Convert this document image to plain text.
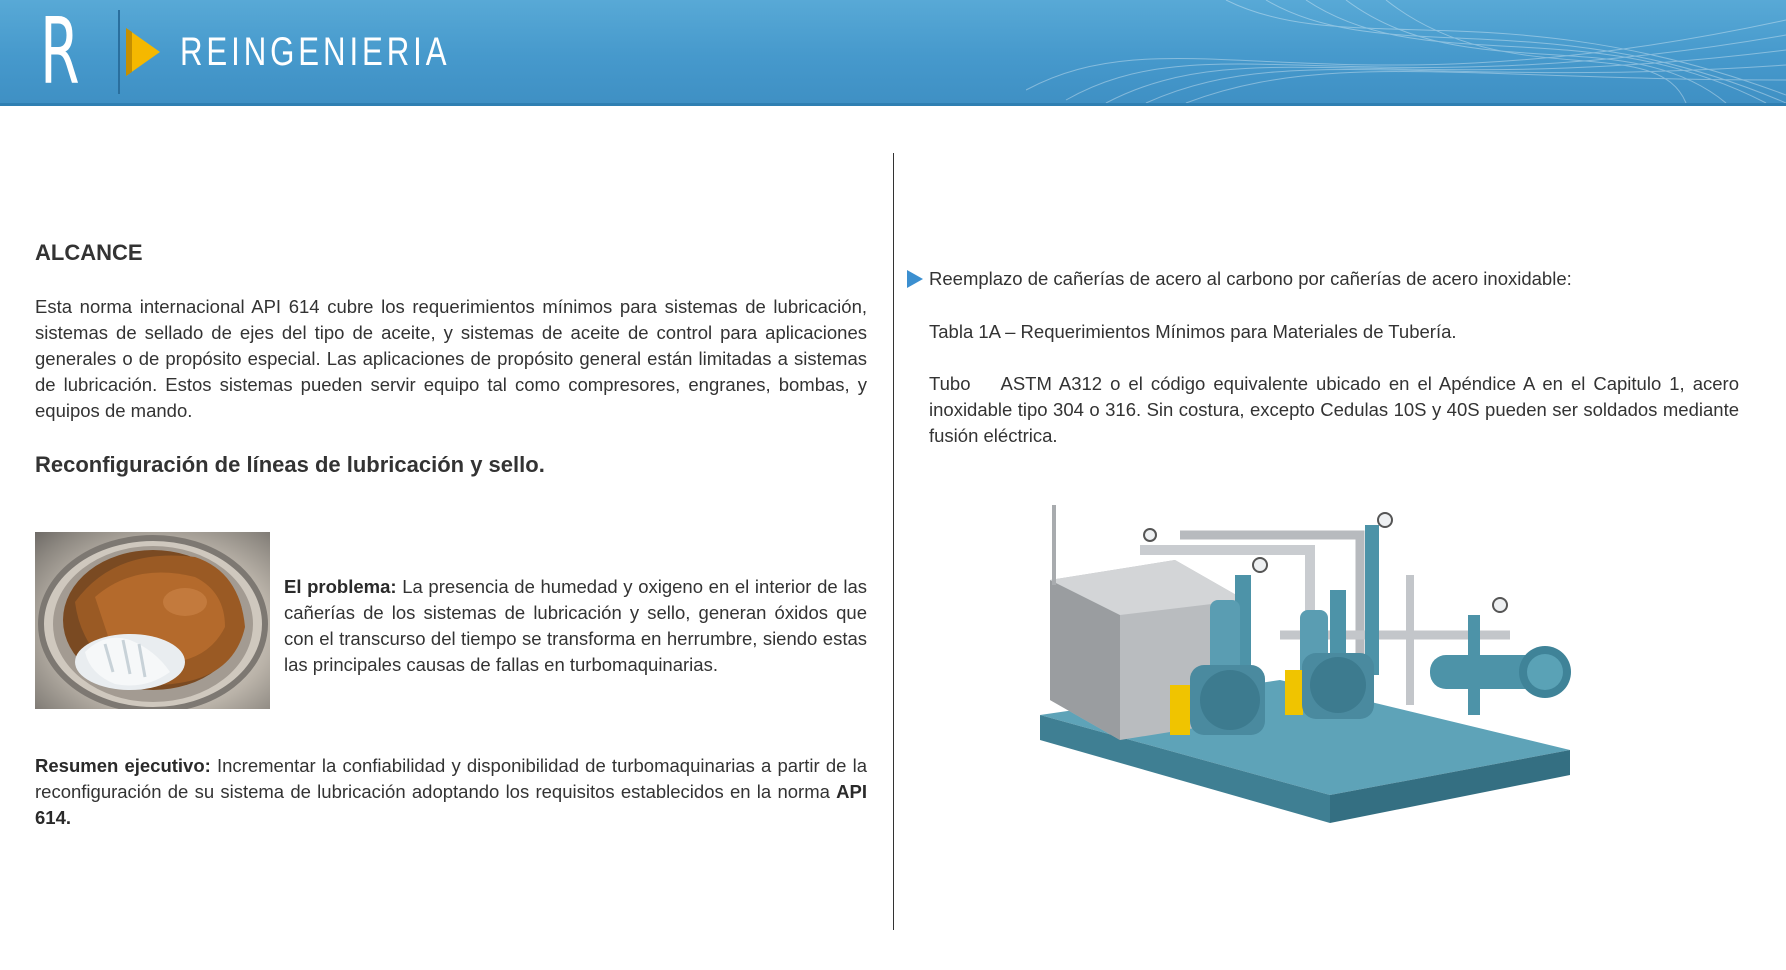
R	REINGENIERIA
ALCANCE
Esta norma internacional API 614 cubre los requerimientos mínimos para sistemas de lubricación, sistemas de sellado de ejes del tipo de aceite, y sistemas de aceite de control para aplicaciones generales o de propósito especial. Las aplicaciones de propósito general están limitadas a sistemas de lubricación. Estos sistemas pueden servir equipo tal como compresores, engranes, bombas, y equipos de mando.
Reconfiguración de líneas de lubricación y sello.
El problema: La presencia de humedad y oxigeno en el interior de las cañerías de los sistemas de lubricación y sello, generan óxidos que con el transcurso del tiempo se transforma en herrumbre, siendo estas las principales causas de fallas en turbomaquinarias.
Resumen ejecutivo: Incrementar la confiabilidad y disponibilidad de turbomaquinarias a partir de la reconfiguración de su sistema de lubricación adoptando los requisitos establecidos en la norma API 614.
Reemplazo de cañerías de acero al carbono por cañerías de acero inoxidable:
Tabla 1A – Requerimientos Mínimos para Materiales de Tubería.
Tubo ASTM A312 o el código equivalente ubicado en el Apéndice A en el Capitulo 1, acero inoxidable tipo 304 o 316. Sin costura, excepto Cedulas 10S y 40S pueden ser soldados mediante fusión eléctrica.
